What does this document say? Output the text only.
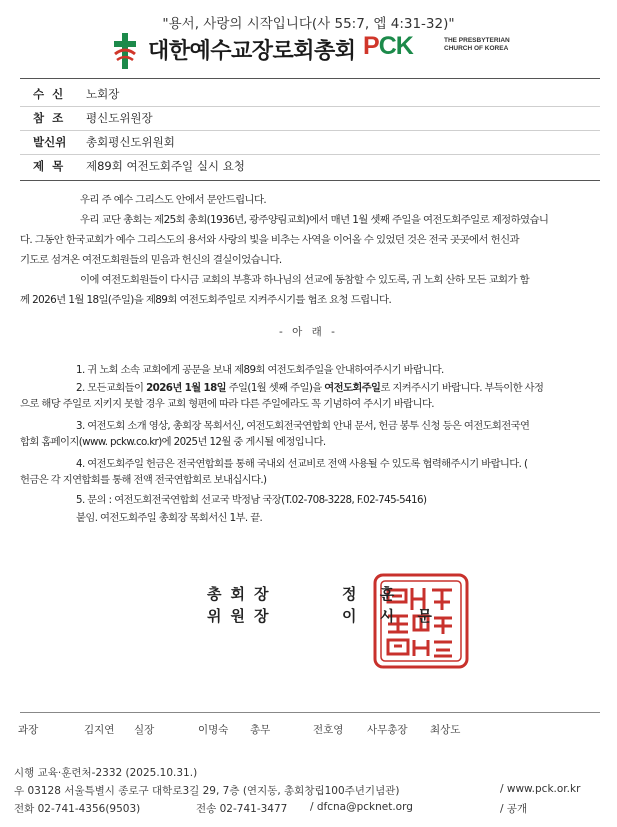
"용서, 사랑의 시작입니다(사 55:7, 엡 4:31-32)"
대한예수교장로회총회 PCK	THE PRESBYTERIAN
CHURCH OF KOREA
수  신 노회장
참  조 평신도위원장
발신위 총회평신도위원회
제  목 제89회 여전도회주일 실시 요청
우리 주 예수 그리스도 안에서 문안드립니다.
우리 교단 총회는 제25회 총회(1936년, 광주양림교회)에서 매년 1월 셋째 주일을 여전도회주일로 제정하였습니
다. 그동안 한국교회가 예수 그리스도의 용서와 사랑의 빛을 비추는 사역을 이어올 수 있었던 것은 전국 곳곳에서 헌신과
기도로 섬겨온 여전도회원들의 믿음과 헌신의 결실이었습니다.
이에 여전도회원들이 다시금 교회의 부흥과 하나님의 선교에 동참할 수 있도록, 귀 노회 산하 모든 교회가 함
께 2026년 1월 18일(주일)을 제89회 여전도회주일로 지켜주시기를 협조 요청 드립니다.
- 아 래 -
1. 귀 노회 소속 교회에게 공문을 보내 제89회 여전도회주일을 안내하여주시기 바랍니다.
2. 모든교회들이 2026년 1월 18일 주일(1월 셋째 주일)을 여전도회주일로 지켜주시기 바랍니다. 부득이한 사정
으로 해당 주일로 지키지 못할 경우 교회 형편에 따라 다른 주일에라도 꼭 기념하여 주시기 바랍니다.
3. 여전도회 소개 영상, 총회장 목회서신, 여전도회전국연합회 안내 문서, 헌금 봉투 신청 등은 여전도회전국연
합회 홈페이지(www. pckw.co.kr)에 2025년 12월 중 게시될 예정입니다.
4. 여전도회주일 헌금은 전국연합회를 통해 국내외 선교비로 전액 사용될 수 있도록 협력해주시기 바랍니다. (
헌금은 각 지연합회를 통해 전액 전국연합회로 보내십시다.)
5. 문의 : 여전도회전국연합회 선교국 박정남 국장(T.02-708-3228, F.02-745-5416)
붙임. 여전도회주일 총회장 목회서신 1부. 끝.
총회장	정 훈
위원장	이 시 문
과장	김지연 실장	이명숙 총무	전호영 사무총장 최상도
시행 교육·훈련처-2332 (2025.10.31.)
우 03128 서울특별시 종로구 대학로3길 29, 7층 (연지동, 총회창립100주년기념관)	/ www.pck.or.kr
전화 02-741-4356(9503)	전송 02-741-3477 / dfcna@pcknet.org	/ 공개
